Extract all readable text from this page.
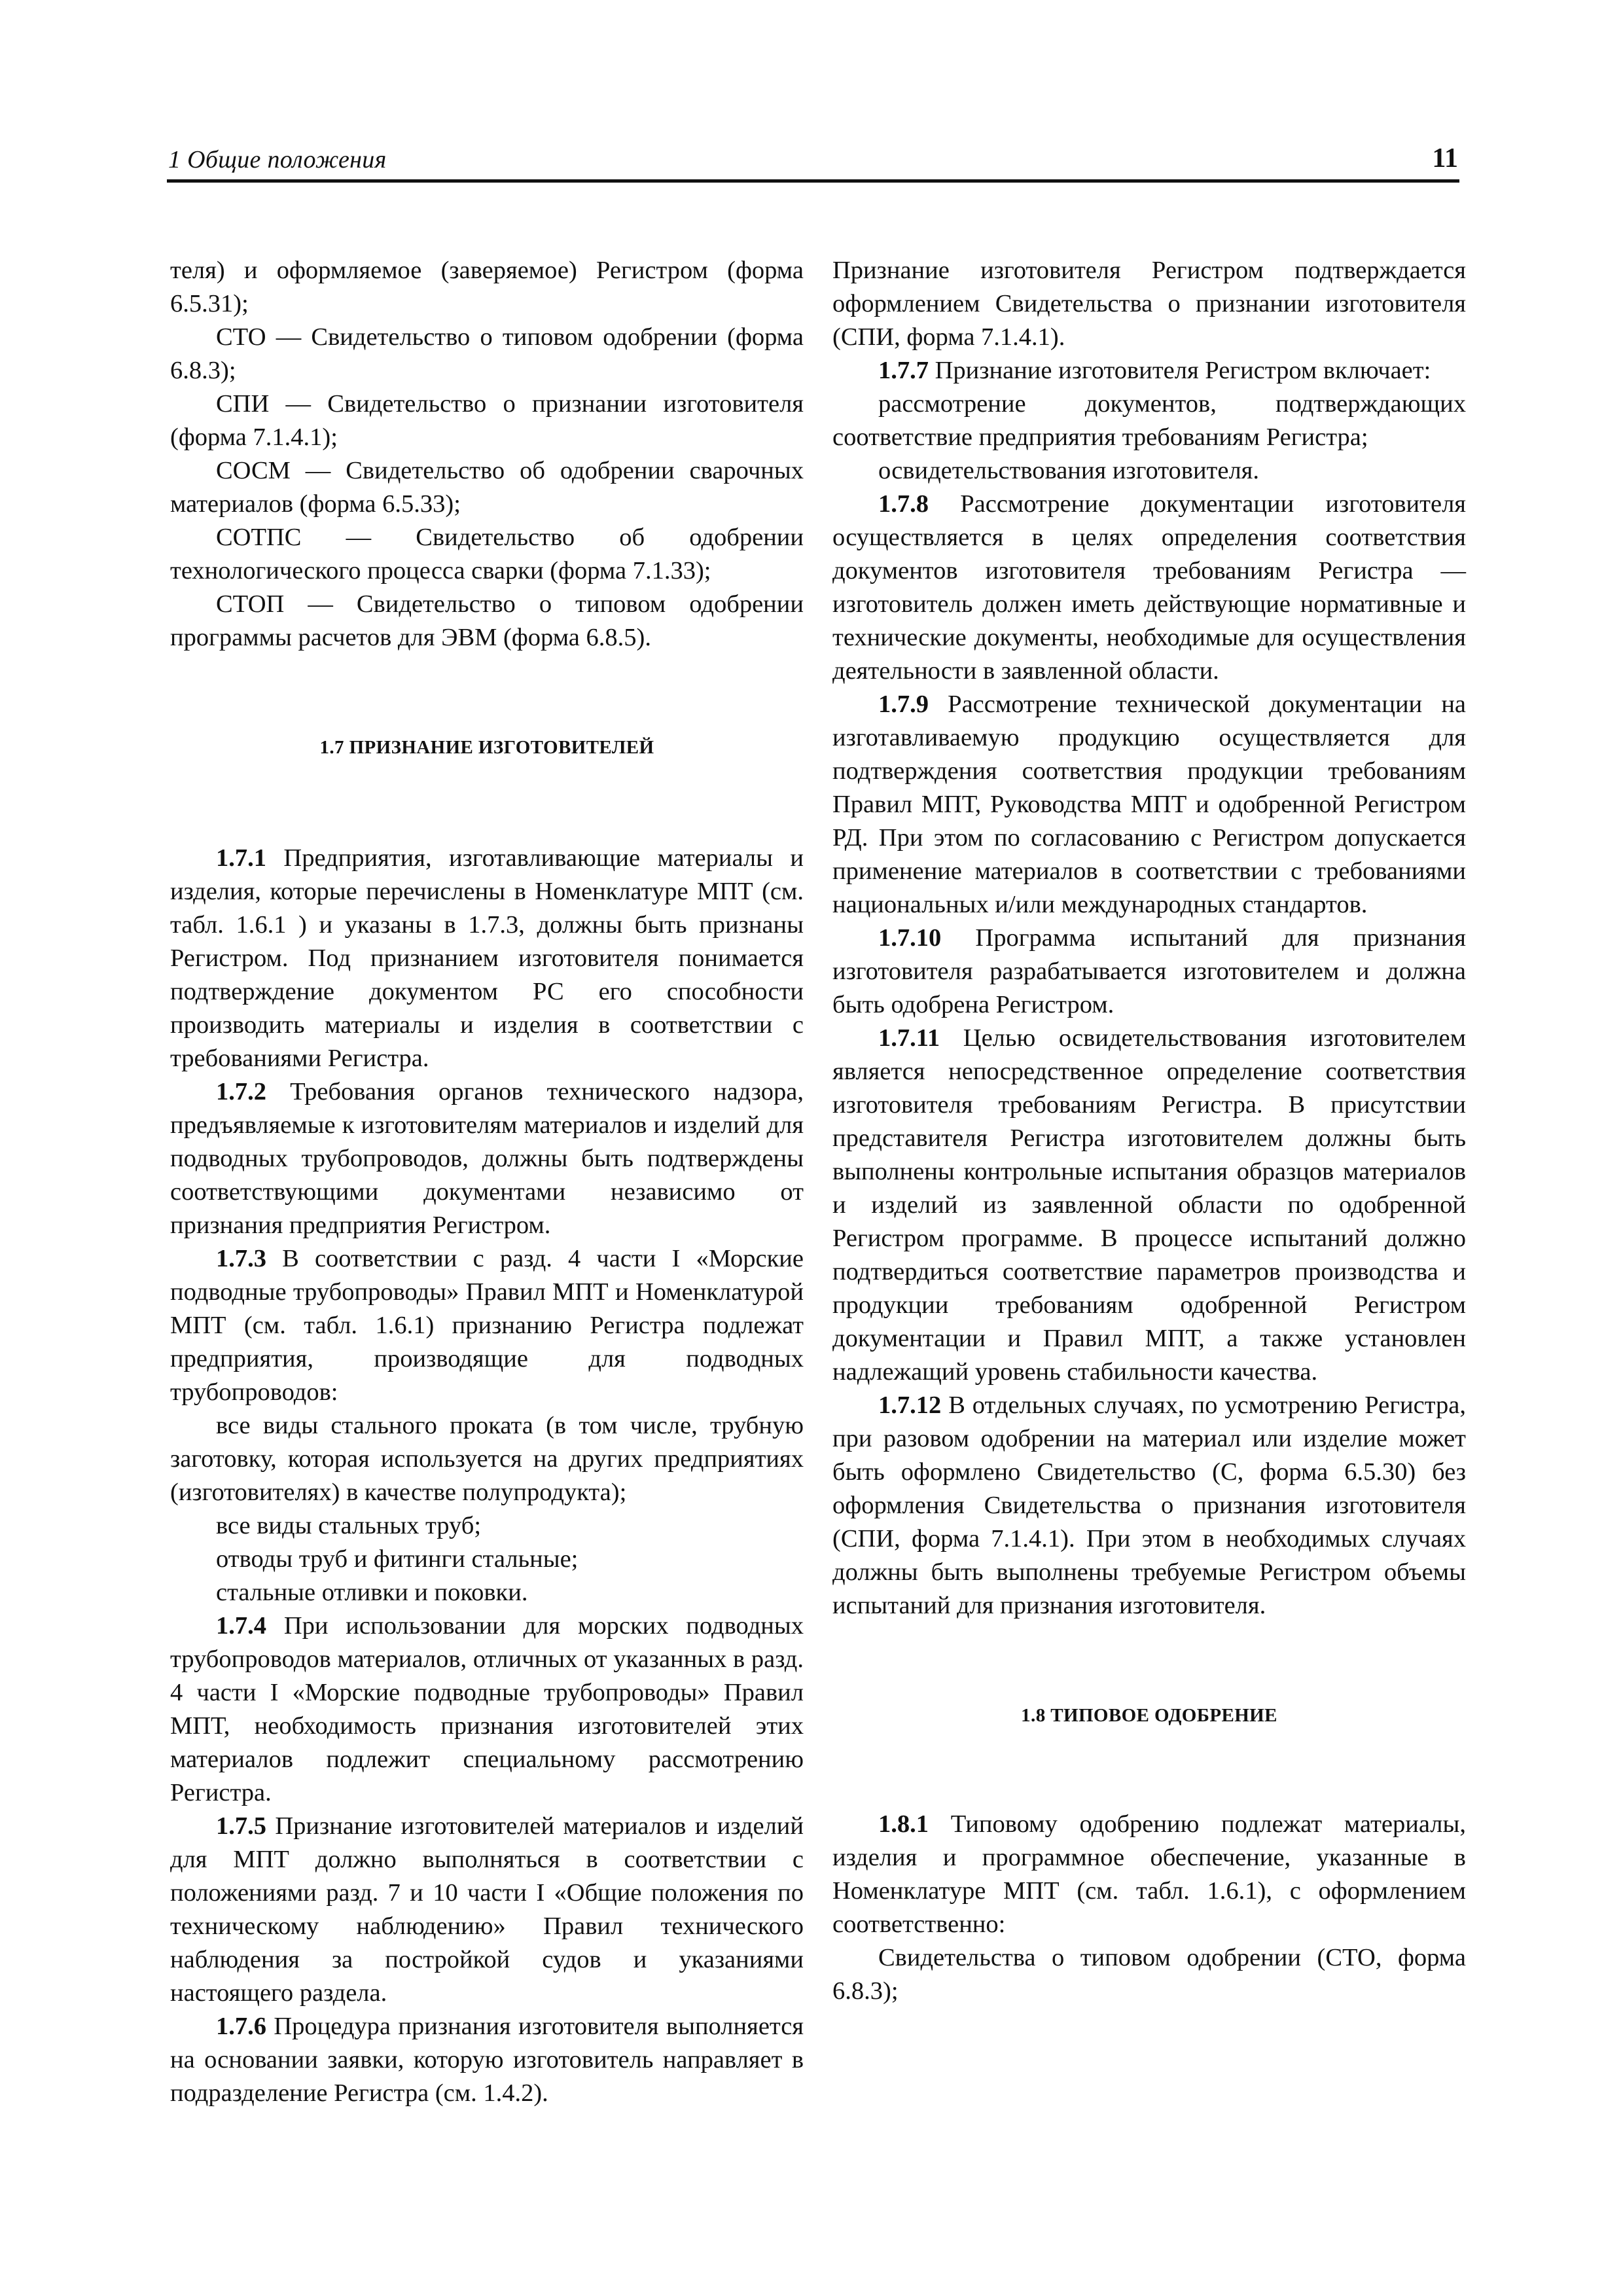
1 Общие положения	11

теля) и оформляемое (заверяемое) Регистром (форма 6.5.31);

СТО — Свидетельство о типовом одобрении (форма 6.8.3);

СПИ — Свидетельство о признании изготовителя (форма 7.1.4.1);

СОСМ — Свидетельство об одобрении сварочных материалов (форма 6.5.33);

СОТПС — Свидетельство об одобрении технологического процесса сварки (форма 7.1.33);

СТОП — Свидетельство о типовом одобрении программы расчетов для ЭВМ (форма 6.8.5).

1.7 ПРИЗНАНИЕ ИЗГОТОВИТЕЛЕЙ

1.7.1 Предприятия, изготавливающие материалы и изделия, которые перечислены в Номенклатуре МПТ (см. табл. 1.6.1 ) и указаны в 1.7.3, должны быть признаны Регистром. Под признанием изготовителя понимается подтверждение документом РС его способности производить материалы и изделия в соответствии с требованиями Регистра.

1.7.2 Требования органов технического надзора, предъявляемые к изготовителям материалов и изделий для подводных трубопроводов, должны быть подтверждены соответствующими документами независимо от признания предприятия Регистром.

1.7.3 В соответствии с разд. 4 части I «Морские подводные трубопроводы» Правил МПТ и Номенклатурой МПТ (см. табл. 1.6.1) признанию Регистра подлежат предприятия, производящие для подводных трубопроводов:

все виды стального проката (в том числе, трубную заготовку, которая используется на других предприятиях (изготовителях) в качестве полупродукта);

все виды стальных труб;

отводы труб и фитинги стальные;

стальные отливки и поковки.

1.7.4 При использовании для морских подводных трубопроводов материалов, отличных от указанных в разд. 4 части I «Морские подводные трубопроводы» Правил МПТ, необходимость признания изготовителей этих материалов подлежит специальному рассмотрению Регистра.

1.7.5 Признание изготовителей материалов и изделий для МПТ должно выполняться в соответствии с положениями разд. 7 и 10 части I «Общие положения по техническому наблюдению» Правил технического наблюдения за постройкой судов и указаниями настоящего раздела.

1.7.6 Процедура признания изготовителя выполняется на основании заявки, которую изготовитель направляет в подразделение Регистра (см. 1.4.2).

Признание изготовителя Регистром подтверждается оформлением Свидетельства о признании изготовителя (СПИ, форма 7.1.4.1).

1.7.7 Признание изготовителя Регистром включает:

рассмотрение документов, подтверждающих соответствие предприятия требованиям Регистра;

освидетельствования изготовителя.

1.7.8 Рассмотрение документации изготовителя осуществляется в целях определения соответствия документов изготовителя требованиям Регистра — изготовитель должен иметь действующие нормативные и технические документы, необходимые для осуществления деятельности в заявленной области.

1.7.9 Рассмотрение технической документации на изготавливаемую продукцию осуществляется для подтверждения соответствия продукции требованиям Правил МПТ, Руководства МПТ и одобренной Регистром РД. При этом по согласованию с Регистром допускается применение материалов в соответствии с требованиями национальных и/или международных стандартов.

1.7.10 Программа испытаний для признания изготовителя разрабатывается изготовителем и должна быть одобрена Регистром.

1.7.11 Целью освидетельствования изготовителем является непосредственное определение соответствия изготовителя требованиям Регистра. В присутствии представителя Регистра изготовителем должны быть выполнены контрольные испытания образцов материалов и изделий из заявленной области по одобренной Регистром программе. В процессе испытаний должно подтвердиться соответствие параметров производства и продукции требованиям одобренной Регистром документации и Правил МПТ, а также установлен надлежащий уровень стабильности качества.

1.7.12 В отдельных случаях, по усмотрению Регистра, при разовом одобрении на материал или изделие может быть оформлено Свидетельство (С, форма 6.5.30) без оформления Свидетельства о признания изготовителя (СПИ, форма 7.1.4.1). При этом в необходимых случаях должны быть выполнены требуемые Регистром объемы испытаний для признания изготовителя.

1.8 ТИПОВОЕ ОДОБРЕНИЕ

1.8.1 Типовому одобрению подлежат материалы, изделия и программное обеспечение, указанные в Номенклатуре МПТ (см. табл. 1.6.1), с оформлением соответственно:

Свидетельства о типовом одобрении (СТО, форма 6.8.3);
